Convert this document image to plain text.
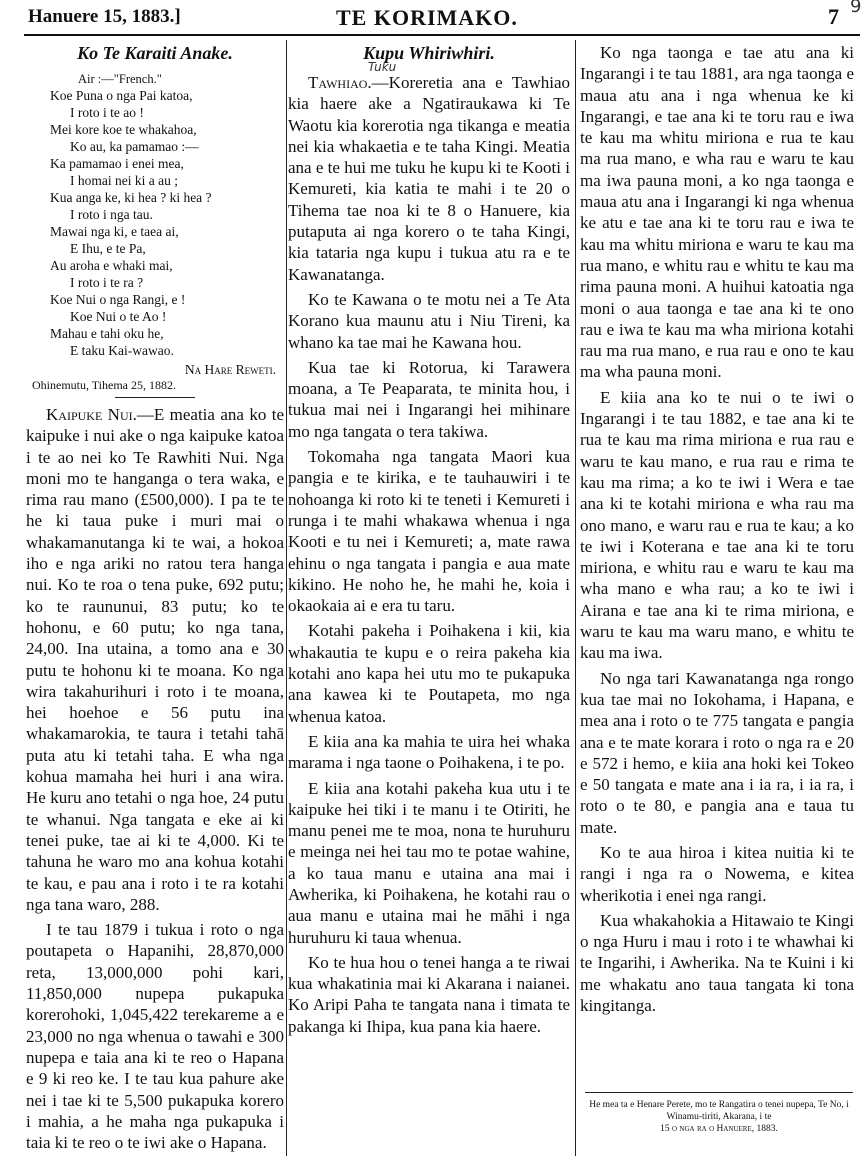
Hanuere 15, 1883.]	TE KORIMAKO.	7 9

Ko Te Karaiti Anake.

Air :—"French."

Koe Puna o nga Pai katoa,

I roto i te ao !

Mei kore koe te whakahoa,

Ko au, ka pamamao :—

Ka pamamao i enei mea,

I homai nei ki a au ;

Kua anga ke, ki hea ? ki hea ?

I roto i nga tau.

Mawai nga ki, e taea ai,

E Ihu, e te Pa,

Au aroha e whaki mai,

I roto i te ra ?

Koe Nui o nga Rangi, e !

Koe Nui o te Ao !

Mahau e tahi oku he,

E taku Kai-wawao.

Na Hare Reweti.

Ohinemutu, Tihema 25, 1882.

Kaipuke Nui.—E meatia ana ko te kaipuke i nui ake o nga kaipuke katoa i te ao nei ko Te Rawhiti Nui. Nga moni mo te hanganga o tera waka, e rima rau mano (£500,000). I pa te te he ki taua puke i muri mai o whakamanutanga ki te wai, a hokoa iho e nga ariki no ratou tera hanga nui. Ko te roa o tena puke, 692 putu; ko te raununui, 83 putu; ko te hohonu, e 60 putu; ko nga tana, 24,00. Ina utaina, a tomo ana e 30 putu te hohonu ki te moana. Ko nga wira takahurihuri i roto i te moana, hei hoehoe e 56 putu ina whakamarokia, te taura i tetahi tahā puta atu ki tetahi taha. E wha nga kohua mamaha hei huri i ana wira. He kuru ano tetahi o nga hoe, 24 putu te whanui. Nga tangata e eke ai ki tenei puke, tae ai ki te 4,000. Ki te tahuna he waro mo ana kohua kotahi te kau, e pau ana i roto i te ra kotahi nga tana waro, 288.

I te tau 1879 i tukua i roto o nga poutapeta o Hapanihi, 28,870,000 reta, 13,000,000 pohi kari, 11,850,000 nupepa pukapuka korerohoki, 1,045,422 terekareme a e 23,000 no nga whenua o tawahi e 300 nupepa e taia ana ki te reo o Hapana e 9 ki reo ke. I te tau kua pahure ake nei i tae ki te 5,500 pukapuka korero i mahia, a he maha nga pukapuka i taia ki te reo o te iwi ake o Hapana.

Kupu Whiriwhiri.

Tuku

Tawhiao.—Koreretia ana e Tawhiao kia haere ake a Ngatiraukawa ki Te Waotu kia korerotia nga tikanga e meatia nei kia whakaetia e te taha Kingi. Meatia ana e te hui me tuku he kupu ki te Kooti i Kemureti, kia katia te mahi i te 20 o Tihema tae noa ki te 8 o Hanuere, kia putaputa ai nga korero o te taha Kingi, kia tataria nga kupu i tukua atu ra e te Kawanatanga.

Ko te Kawana o te motu nei a Te Ata Korano kua maunu atu i Niu Tireni, ka whano ka tae mai he Kawana hou.

Kua tae ki Rotorua, ki Tarawera moana, a Te Peaparata, te minita hou, i tukua mai nei i Ingarangi hei mihinare mo nga tangata o tera takiwa.

Tokomaha nga tangata Maori kua pangia e te kirika, e te tauhauwiri i te nohoanga ki roto ki te teneti i Kemureti i runga i te mahi whakawa whenua i nga Kooti e tu nei i Kemureti; a, mate rawa ehinu o nga tangata i pangia e aua mate kikino. He noho he, he mahi he, koia i okaokaia ai e era tu taru.

Kotahi pakeha i Poihakena i kii, kia whakautia te kupu e o reira pakeha kia kotahi ano kapa hei utu mo te pukapuka ana kawea ki te Poutapeta, mo nga whenua katoa.

E kiia ana ka mahia te uira hei whaka marama i nga taone o Poihakena, i te po.

E kiia ana kotahi pakeha kua utu i te kaipuke hei tiki i te manu i te Otiriti, he manu penei me te moa, nona te huruhuru e meinga nei hei tau mo te potae wahine, a ko taua manu e utaina ana mai i Awherika, ki Poihakena, he kotahi rau o aua manu e utaina mai he māhi i nga huruhuru ki taua whenua.

Ko te hua hou o tenei hanga a te riwai kua whakatinia mai ki Akarana i naianei. Ko Aripi Paha te tangata nana i timata te pakanga ki Ihipa, kua pana kia haere.

Ko nga taonga e tae atu ana ki Ingarangi i te tau 1881, ara nga taonga e maua atu ana i nga whenua ke ki Ingarangi, e tae ana ki te toru rau e iwa te kau ma whitu miriona e rua te kau ma rua mano, e wha rau e waru te kau ma iwa pauna moni, a ko nga taonga e maua atu ana i Ingarangi ki nga whenua ke atu e tae ana ki te toru rau e iwa te kau ma whitu miriona e waru te kau ma rua mano, e whitu rau e whitu te kau ma rima pauna moni. A huihui katoatia nga moni o aua taonga e tae ana ki te ono rau e iwa te kau ma wha miriona kotahi rau ma rua mano, e rua rau e ono te kau ma wha pauna moni.

E kiia ana ko te nui o te iwi o Ingarangi i te tau 1882, e tae ana ki te rua te kau ma rima miriona e rua rau e waru te kau mano, e rua rau e rima te kau ma rima; a ko te iwi i Wera e tae ana ki te kotahi miriona e wha rau ma ono mano, e waru rau e rua te kau; a ko te iwi i Koterana e tae ana ki te toru miriona, e whitu rau e waru te kau ma wha mano e wha rau; a ko te iwi i Airana e tae ana ki te rima miriona, e waru te kau ma waru mano, e whitu te kau ma iwa.

No nga tari Kawanatanga nga rongo kua tae mai no Iokohama, i Hapana, e mea ana i roto o te 775 tangata e pangia ana e te mate korara i roto o nga ra e 20 e 572 i hemo, e kiia ana hoki kei Tokeo e 50 tangata e mate ana i ia ra, i ia ra, i roto o te 80, e pangia ana e taua tu mate.

Ko te aua hiroa i kitea nuitia ki te rangi i nga ra o Nowema, e kitea wherikotia i enei nga rangi.

Kua whakahokia a Hitawaio te Kingi o nga Huru i mau i roto i te whawhai ki te Ingarihi, i Awherika. Na te Kuini i ki me whakatu ano taua tangata ki tona kingitanga.

He mea ta e Henare Perete, mo te Rangatira o tenei nupepa, Te No, i Winamu-tiriti, Akarana, i te
15 o nga ra o Hanuere, 1883.
